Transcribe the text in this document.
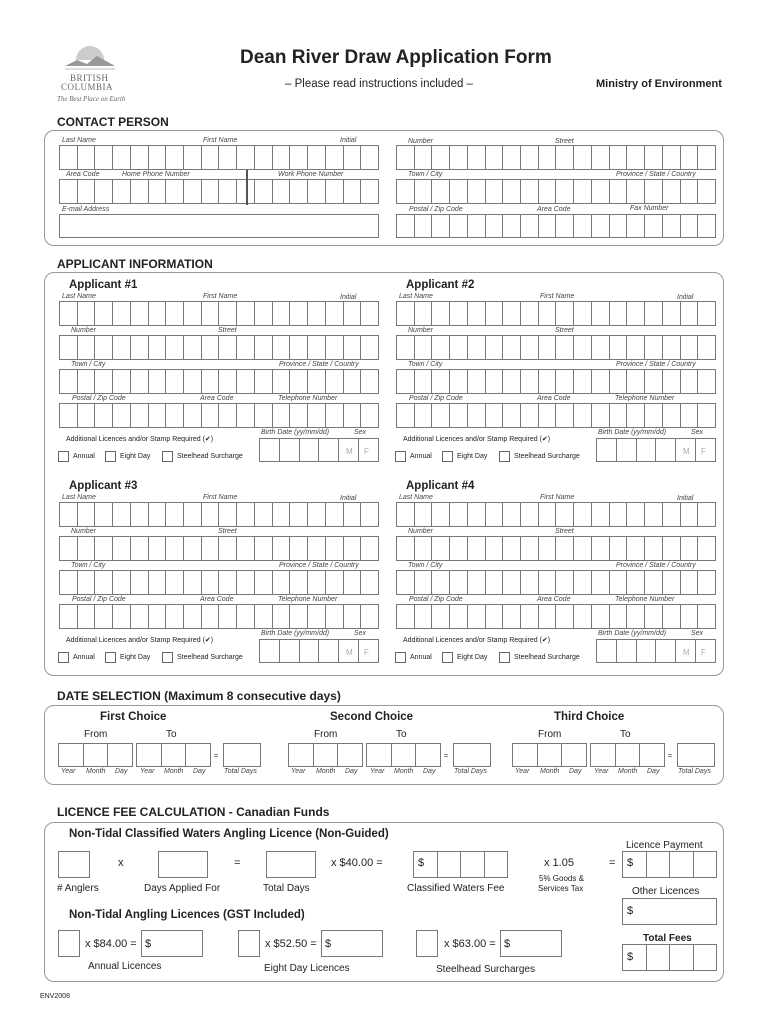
BRITISH
COLUMBIA
The Best Place on Earth
Dean River Draw Application Form
– Please read instructions included –	Ministry of Environment
CONTACT PERSON
Last Name	First Name	Initial
Area Code	Home Phone Number	Work Phone Number
E-mail Address
Number	Street
Town / City	Province / State / Country
Postal / Zip Code	Area Code	Fax Number
APPLICANT INFORMATION
Applicant #1
Last Name	First Name	Initial
Number	Street
Town / City	Province / State / Country
Postal / Zip Code	Area Code	Telephone Number
Birth Date (yy/mm/dd)	Sex
M F
Additional Licences and/or Stamp Required (✔)
Annual	Eight Day	Steelhead Surcharge
Applicant #2
Last Name	First Name	Initial
Number	Street
Town / City	Province / State / Country
Postal / Zip Code	Area Code	Telephone Number
Birth Date (yy/mm/dd)	Sex
M F
Additional Licences and/or Stamp Required (✔)
Annual	Eight Day	Steelhead Surcharge
Applicant #3
Last Name	First Name	Initial
Number	Street
Town / City	Province / State / Country
Postal / Zip Code	Area Code	Telephone Number
Birth Date (yy/mm/dd)	Sex
M F
Additional Licences and/or Stamp Required (✔)
Annual	Eight Day	Steelhead Surcharge
Applicant #4
Last Name	First Name	Initial
Number	Street
Town / City	Province / State / Country
Postal / Zip Code	Area Code	Telephone Number
Birth Date (yy/mm/dd)	Sex
M F
Additional Licences and/or Stamp Required (✔)
Annual	Eight Day	Steelhead Surcharge
DATE SELECTION (Maximum 8 consecutive days)
First Choice
From	To
=
Year Month Day Year Month Day	Total Days
Second Choice
From	To
=
Year Month Day Year Month Day	Total Days
Third Choice
From	To
=
Year Month Day Year Month Day	Total Days
LICENCE FEE CALCULATION - Canadian Funds
Non-Tidal Classified Waters Angling Licence (Non-Guided)
x	=	x $40.00 =	$	x 1.05	=
5% Goods &
Services Tax
# Anglers	Days Applied For	Total Days	Classified Waters Fee
Licence Payment
$
Other Licences
$
Total Fees
$
Non-Tidal Angling Licences (GST Included)
x $84.00 = $
Annual Licences
x $52.50 = $
Eight Day Licences
x $63.00 = $
Steelhead Surcharges
ENV2008
